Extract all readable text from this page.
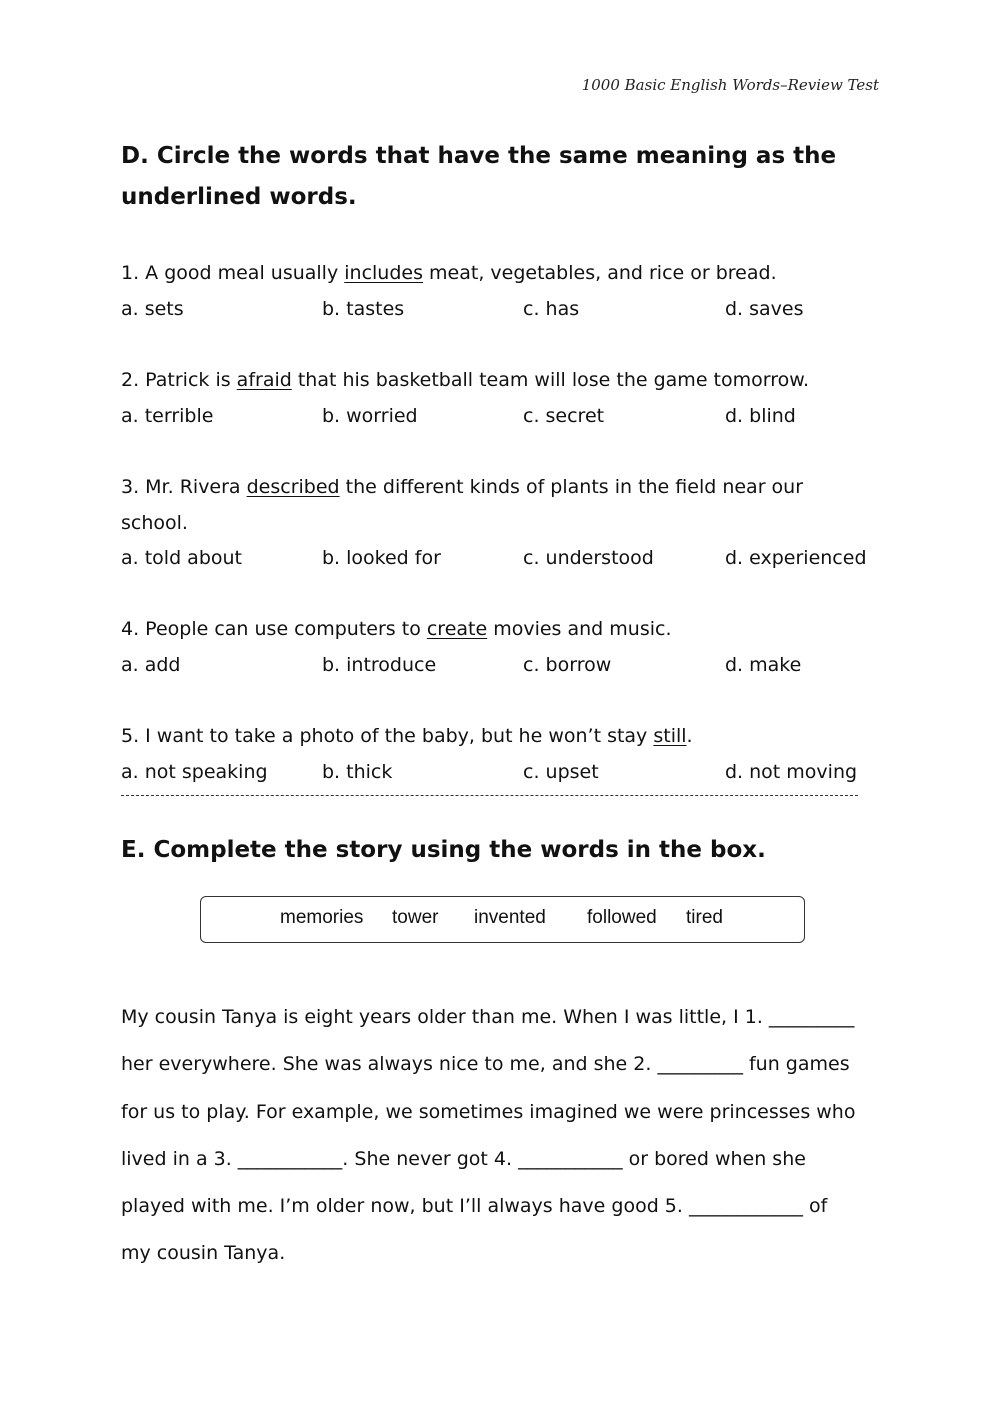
1000 Basic English Words–Review Test
D. Circle the words that have the same meaning as the
underlined words.
1. A good meal usually includes meat, vegetables, and rice or bread.
a. sets	b. tastes	c. has	d. saves
2. Patrick is afraid that his basketball team will lose the game tomorrow.
a. terrible	b. worried	c. secret	d. blind
3. Mr. Rivera described the different kinds of plants in the field near our
school.
a. told about	b. looked for	c. understood	d. experienced
4. People can use computers to create movies and music.
a. add	b. introduce	c. borrow	d. make
5. I want to take a photo of the baby, but he won’t stay still.
a. not speaking	b. thick	c. upset	d. not moving
E. Complete the story using the words in the box.
memories tower invented followed tired

My cousin Tanya is eight years older than me. When I was little, I 1. _________

her everywhere. She was always nice to me, and she 2. _________ fun games

for us to play. For example, we sometimes imagined we were princesses who

lived in a 3. ___________. She never got 4. ___________ or bored when she

played with me. I’m older now, but I’ll always have good 5. ____________ of

my cousin Tanya.
